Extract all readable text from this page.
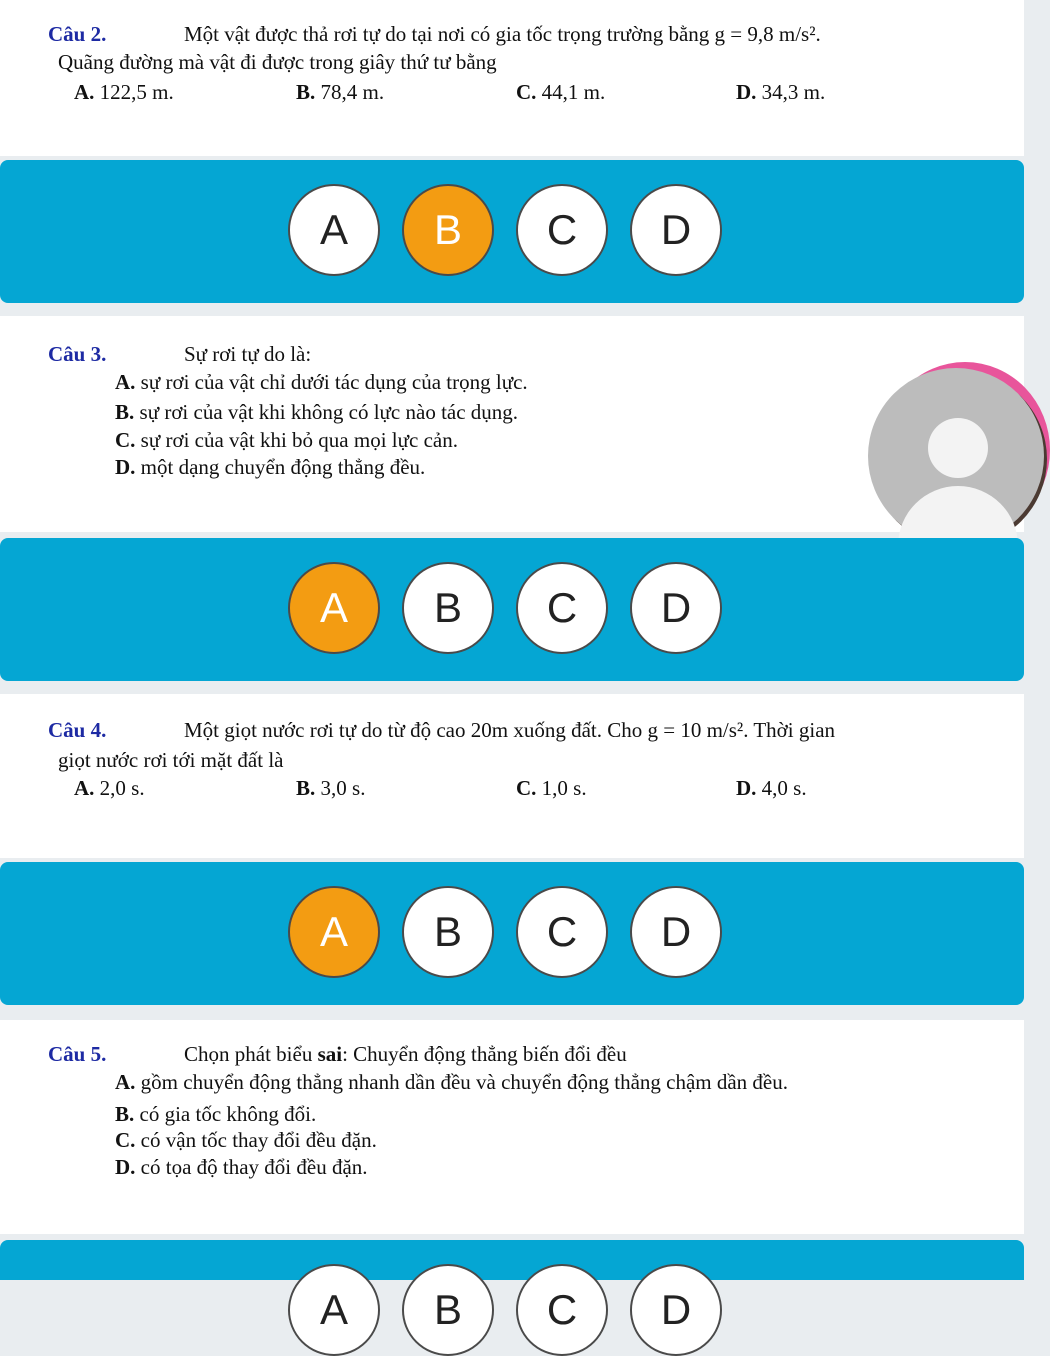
Câu 2.	Một vật được thả rơi tự do tại nơi có gia tốc trọng trường bằng g = 9,8 m/s².
Quãng đường mà vật đi được trong giây thứ tư bằng
A. 122,5 m.	B. 78,4 m.	C. 44,1 m.	D. 34,3 m.
A	B	C	D
Câu 3.	Sự rơi tự do là:
A. sự rơi của vật chỉ dưới tác dụng của trọng lực.
B. sự rơi của vật khi không có lực nào tác dụng.
C. sự rơi của vật khi bỏ qua mọi lực cản.
D. một dạng chuyển động thẳng đều.
A	B	C	D
Câu 4.	Một giọt nước rơi tự do từ độ cao 20m xuống đất. Cho g = 10 m/s². Thời gian
giọt nước rơi tới mặt đất là
A. 2,0 s.	B. 3,0 s.	C. 1,0 s.	D. 4,0 s.
A	B	C	D
Câu 5.	Chọn phát biểu sai: Chuyển động thẳng biến đổi đều
A. gồm chuyển động thẳng nhanh dần đều và chuyển động thẳng chậm dần đều.
B. có gia tốc không đổi.
C. có vận tốc thay đổi đều đặn.
D. có tọa độ thay đổi đều đặn.
A	B	C	D
